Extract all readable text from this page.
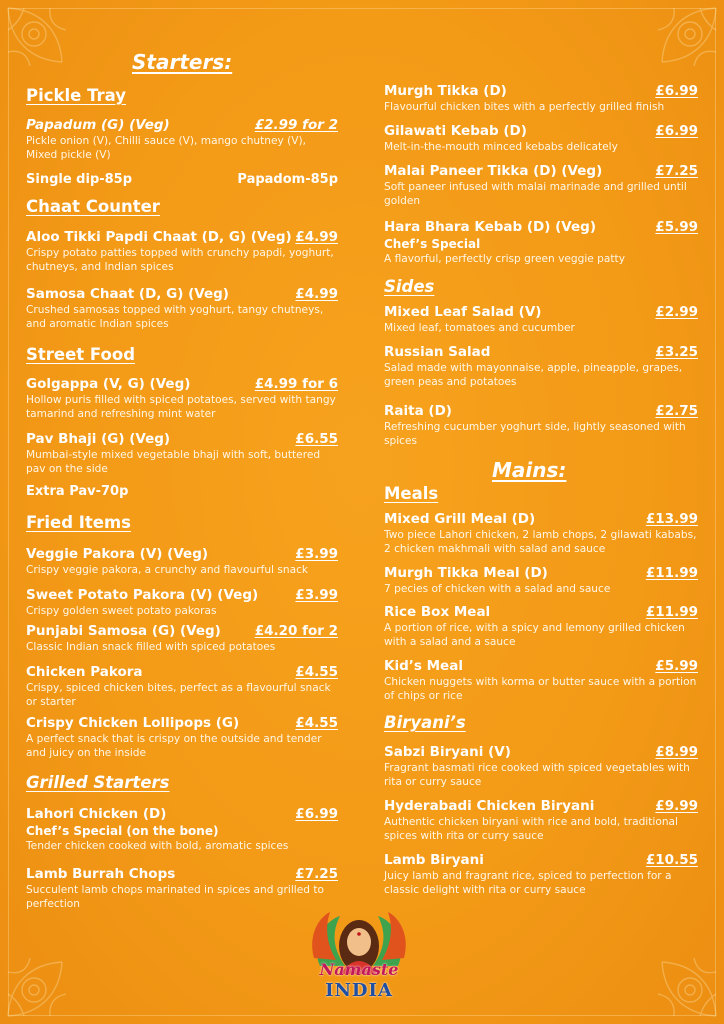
Starters:
Pickle Tray
Papadum (G) (Veg)	£2.99 for 2
Pickle onion (V), Chilli sauce (V), mango chutney (V), Mixed pickle (V)
Single dip-85p	Papadom-85p
Chaat Counter
Aloo Tikki Papdi Chaat (D, G) (Veg) £4.99
Crispy potato patties topped with crunchy papdi, yoghurt, chutneys, and Indian spices
Samosa Chaat (D, G) (Veg)	£4.99
Crushed samosas topped with yoghurt, tangy chutneys, and aromatic Indian spices
Street Food
Golgappa (V, G) (Veg)	£4.99 for 6
Hollow puris filled with spiced potatoes, served with tangy tamarind and refreshing mint water
Pav Bhaji (G) (Veg)	£6.55
Mumbai-style mixed vegetable bhaji with soft, buttered pav on the side
Extra Pav-70p
Fried Items
Veggie Pakora (V) (Veg)	£3.99
Crispy veggie pakora, a crunchy and flavourful snack
Sweet Potato Pakora (V) (Veg)	£3.99
Crispy golden sweet potato pakoras
Punjabi Samosa (G) (Veg)	£4.20 for 2
Classic Indian snack filled with spiced potatoes
Chicken Pakora	£4.55
Crispy, spiced chicken bites, perfect as a flavourful snack or starter
Crispy Chicken Lollipops (G)	£4.55
A perfect snack that is crispy on the outside and tender and juicy on the inside
Grilled Starters
Lahori Chicken (D)	£6.99
Chef’s Special (on the bone)
Tender chicken cooked with bold, aromatic spices
Lamb Burrah Chops	£7.25
Succulent lamb chops marinated in spices and grilled to perfection
Murgh Tikka (D)	£6.99
Flavourful chicken bites with a perfectly grilled finish
Gilawati Kebab (D)	£6.99
Melt-in-the-mouth minced kebabs delicately
Malai Paneer Tikka (D) (Veg)	£7.25
Soft paneer infused with malai marinade and grilled until golden
Hara Bhara Kebab (D) (Veg)	£5.99
Chef’s Special
A flavorful, perfectly crisp green veggie patty
Sides
Mixed Leaf Salad (V)	£2.99
Mixed leaf, tomatoes and cucumber
Russian Salad	£3.25
Salad made with mayonnaise, apple, pineapple, grapes, green peas and potatoes
Raita (D)	£2.75
Refreshing cucumber yoghurt side, lightly seasoned with spices
Mains:
Meals
Mixed Grill Meal (D)	£13.99
Two piece Lahori chicken, 2 lamb chops, 2 gilawati kababs, 2 chicken makhmali with salad and sauce
Murgh Tikka Meal (D)	£11.99
7 pecies of chicken with a salad and sauce
Rice Box Meal	£11.99
A portion of rice, with a spicy and lemony grilled chicken with a salad and a sauce
Kid’s Meal	£5.99
Chicken nuggets with korma or butter sauce with a portion of chips or rice
Biryani’s
Sabzi Biryani (V)	£8.99
Fragrant basmati rice cooked with spiced vegetables with rita or curry sauce
Hyderabadi Chicken Biryani	£9.99
Authentic chicken biryani with rice and bold, traditional spices with rita or curry sauce
Lamb Biryani	£10.55
Juicy lamb and fragrant rice, spiced to perfection for a classic delight with rita or curry sauce
Namaste
INDIA
